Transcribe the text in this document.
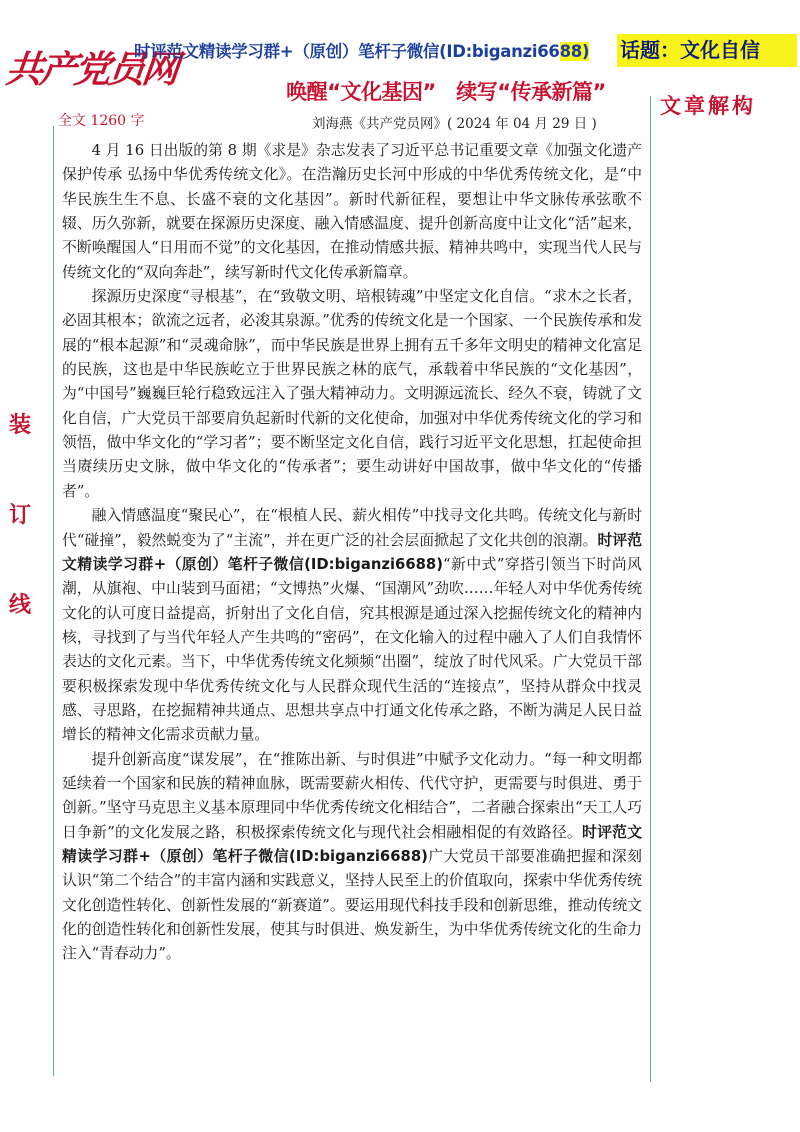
共产党员网
时评范文精读学习群+（原创）笔杆子微信(ID:biganzi6688) 话题：文化自信
唤醒“文化基因”　续写“传承新篇”
文章解构
全文 1260 字	刘海燕《共产党员网》( 2024 年 04 月 29 日 )
装
订
线

4 月 16 日出版的第 8 期《求是》杂志发表了习近平总书记重要文章《加强文化遗产保护传承 弘扬中华优秀传统文化》。在浩瀚历史长河中形成的中华优秀传统文化，是“中华民族生生不息、长盛不衰的文化基因”。新时代新征程，要想让中华文脉传承弦歌不辍、历久弥新，就要在探源历史深度、融入情感温度、提升创新高度中让文化“活”起来，不断唤醒国人“日用而不觉”的文化基因，在推动情感共振、精神共鸣中，实现当代人民与传统文化的“双向奔赴”，续写新时代文化传承新篇章。

探源历史深度“寻根基”，在“致敬文明、培根铸魂”中坚定文化自信。“求木之长者，必固其根本；欲流之远者，必浚其泉源。”优秀的传统文化是一个国家、一个民族传承和发展的“根本起源”和“灵魂命脉”，而中华民族是世界上拥有五千多年文明史的精神文化富足的民族，这也是中华民族屹立于世界民族之林的底气，承载着中华民族的“文化基因”，为“中国号”巍巍巨轮行稳致远注入了强大精神动力。文明源远流长、经久不衰，铸就了文化自信，广大党员干部要肩负起新时代新的文化使命，加强对中华优秀传统文化的学习和领悟，做中华文化的“学习者”；要不断坚定文化自信，践行习近平文化思想，扛起使命担当赓续历史文脉，做中华文化的“传承者”；要生动讲好中国故事，做中华文化的“传播者”。

融入情感温度“聚民心”，在“根植人民、薪火相传”中找寻文化共鸣。传统文化与新时代“碰撞”，毅然蜕变为了“主流”，并在更广泛的社会层面掀起了文化共创的浪潮。时评范文精读学习群+（原创）笔杆子微信(ID:biganzi6688)“新中式”穿搭引领当下时尚风潮，从旗袍、中山装到马面裙；“文博热”火爆、“国潮风”劲吹……年轻人对中华优秀传统文化的认可度日益提高，折射出了文化自信，究其根源是通过深入挖掘传统文化的精神内核，寻找到了与当代年轻人产生共鸣的“密码”，在文化输入的过程中融入了人们自我情怀表达的文化元素。当下，中华优秀传统文化频频“出圈”，绽放了时代风采。广大党员干部要积极探索发现中华优秀传统文化与人民群众现代生活的“连接点”，坚持从群众中找灵感、寻思路，在挖掘精神共通点、思想共享点中打通文化传承之路，不断为满足人民日益增长的精神文化需求贡献力量。

提升创新高度“谋发展”，在“推陈出新、与时俱进”中赋予文化动力。“每一种文明都延续着一个国家和民族的精神血脉，既需要薪火相传、代代守护，更需要与时俱进、勇于创新。”坚守马克思主义基本原理同中华优秀传统文化相结合”，二者融合探索出“天工人巧日争新”的文化发展之路，积极探索传统文化与现代社会相融相促的有效路径。时评范文精读学习群+（原创）笔杆子微信(ID:biganzi6688)广大党员干部要准确把握和深刻认识“第二个结合”的丰富内涵和实践意义，坚持人民至上的价值取向，探索中华优秀传统文化创造性转化、创新性发展的“新赛道”。要运用现代科技手段和创新思维，推动传统文化的创造性转化和创新性发展，使其与时俱进、焕发新生，为中华优秀传统文化的生命力注入“青春动力”。
